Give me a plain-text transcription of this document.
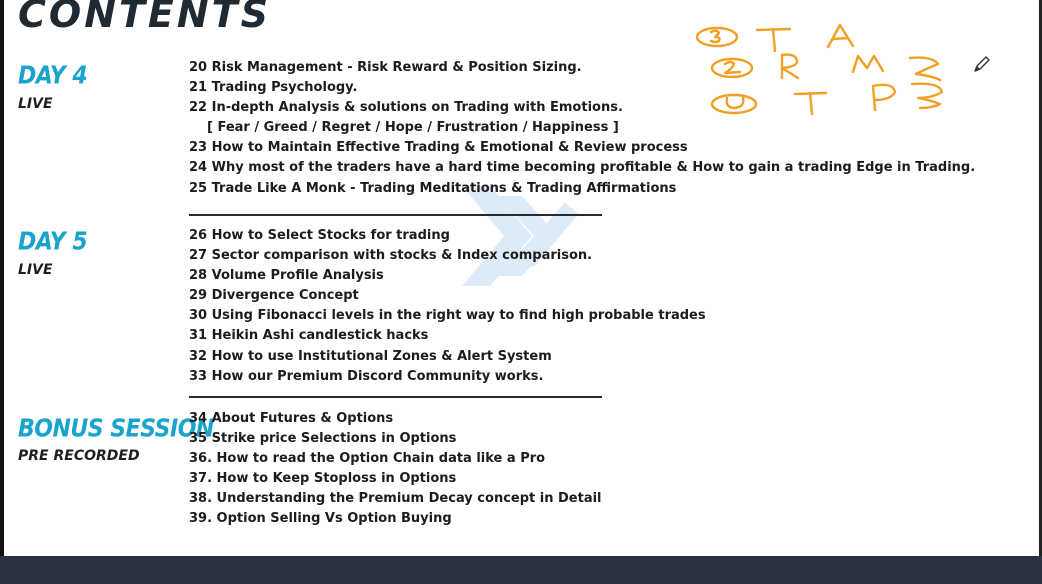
CONTENTS
DAY 4

LIVE

20 Risk Management - Risk Reward & Position Sizing.
21 Trading Psychology.
22 In-depth Analysis & solutions on Trading with Emotions.
[ Fear / Greed / Regret / Hope / Frustration / Happiness ]
23 How to Maintain Effective Trading & Emotional & Review process
24 Why most of the traders have a hard time becoming profitable & How to gain a trading Edge in Trading.
25 Trade Like A Monk - Trading Meditations & Trading Affirmations
DAY 5

LIVE

26 How to Select Stocks for trading
27 Sector comparison with stocks & Index comparison.
28 Volume Profile Analysis
29 Divergence Concept
30 Using Fibonacci levels in the right way to find high probable trades
31 Heikin Ashi candlestick hacks
32 How to use Institutional Zones & Alert System
33 How our Premium Discord Community works.
BONUS SESSION

PRE RECORDED

34 About Futures & Options
35 Strike price Selections in Options
36. How to read the Option Chain data like a Pro
37. How to Keep Stoploss in Options
38. Understanding the Premium Decay concept in Detail
39. Option Selling Vs Option Buying
